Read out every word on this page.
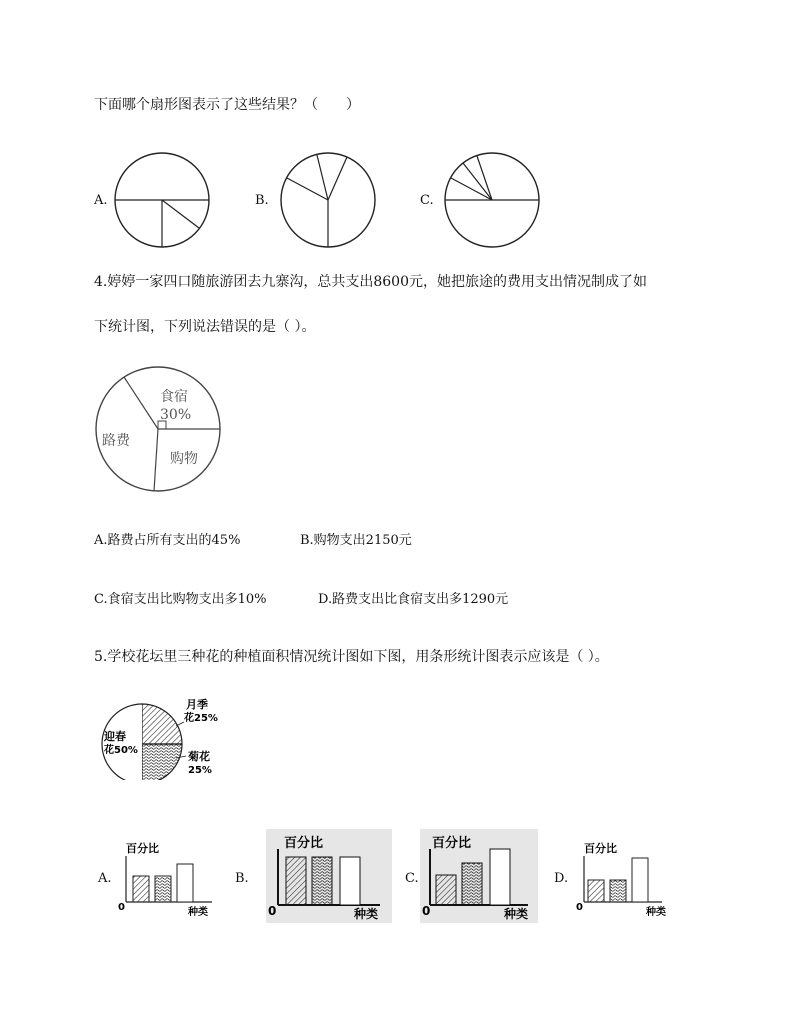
下面哪个扇形图表示了这些结果？（　　）
A.	B.	C.
4.婷婷一家四口随旅游团去九寨沟，总共支出8600元，她把旅途的费用支出情况制成了如
下统计图，下列说法错误的是（ ）。
食宿
30%
路费
购物
A.路费占所有支出的45%	B.购物支出2150元
C.食宿支出比购物支出多10%	D.路费支出比食宿支出多1290元
5.学校花坛里三种花的种植面积情况统计图如下图，用条形统计图表示应该是（ ）。
迎春
花50%
月季
花25%
菊花
25%
A.
百分比
0	种类
B.
百分比
0	种类
C.
百分比
0	种类
D.
百分比
0	种类
